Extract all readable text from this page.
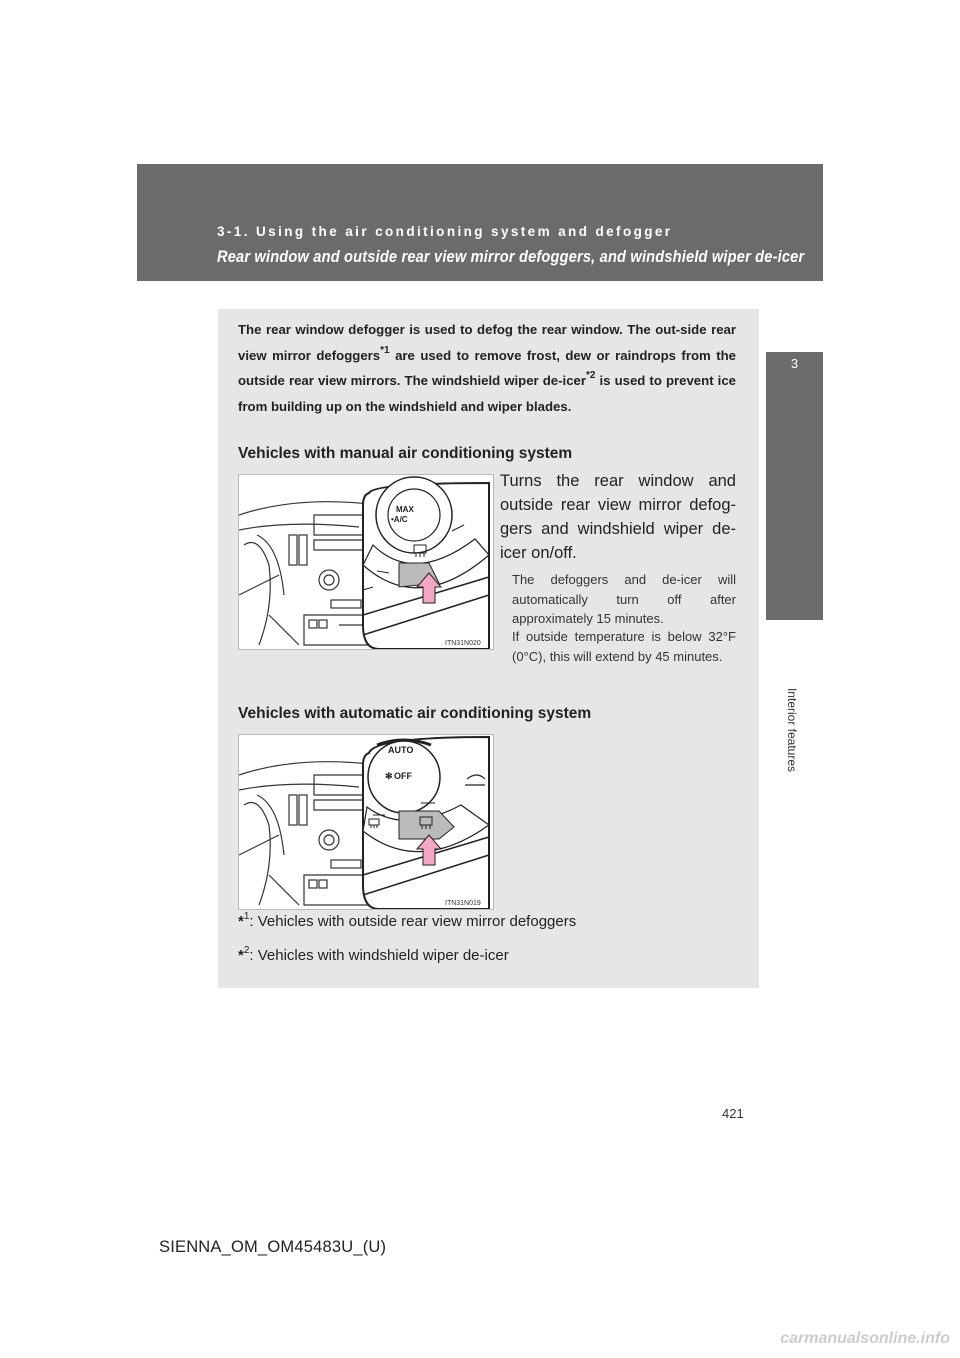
3-1. Using the air conditioning system and defogger
Rear window and outside rear view mirror defoggers, and windshield wiper de-icer
3
Interior features
The rear window defogger is used to defog the rear window. The out-side rear view mirror defoggers$^{*1}$ are used to remove frost, dew or raindrops from the outside rear view mirrors. The windshield wiper de-icer$^{*2}$ is used to prevent ice from building up on the windshield and wiper blades.
Vehicles with manual air conditioning system
MAX
•A/C
ITN31N020
Turns the rear window and outside rear view mirror defog-gers and windshield wiper de-icer on/off.
The defoggers and de-icer will automatically turn off after approximately 15 minutes.
If outside temperature is below 32°F (0°C), this will extend by 45 minutes.
Vehicles with automatic air conditioning system
AUTO
✻ OFF
ITN31N019
*$^1$: Vehicles with outside rear view mirror defoggers
*$^2$: Vehicles with windshield wiper de-icer
421
SIENNA_OM_OM45483U_(U)
carmanualsonline.info
